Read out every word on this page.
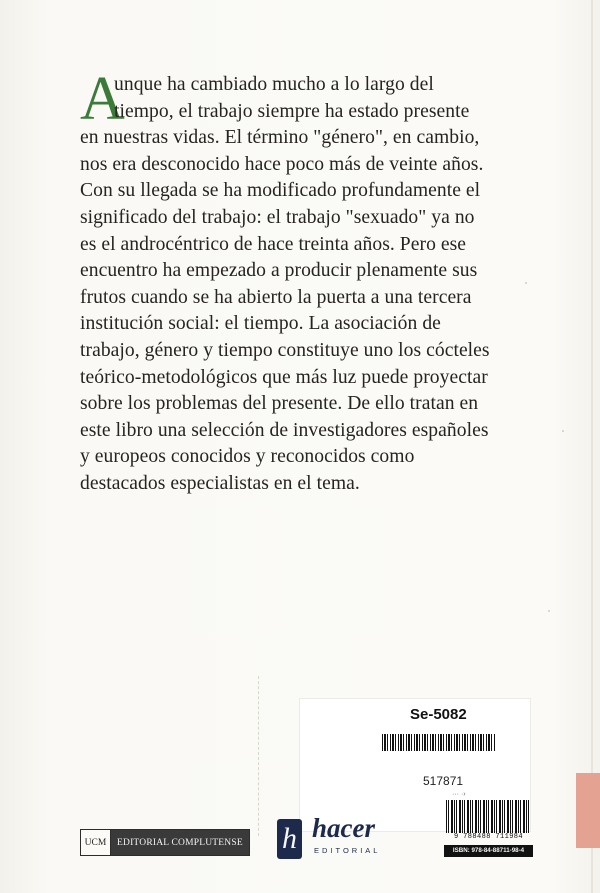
A
unque ha cambiado mucho a lo largo del
tiempo, el trabajo siempre ha estado presente
en nuestras vidas. El término "género", en cambio,
nos era desconocido hace poco más de veinte años.
Con su llegada se ha modificado profundamente el
significado del trabajo: el trabajo "sexuado" ya no
es el androcéntrico de hace treinta años. Pero ese
encuentro ha empezado a producir plenamente sus
frutos cuando se ha abierto la puerta a una tercera
institución social: el tiempo. La asociación de
trabajo, género y tiempo constituye uno los cócteles
teórico-metodológicos que más luz puede proyectar
sobre los problemas del presente. De ello tratan en
este libro una selección de investigadores españoles
y europeos conocidos y reconocidos como
destacados especialistas en el tema.
Se-5082
517871
··· ·›
UCM	EDITORIAL COMPLUTENSE h hacer
EDITORIAL
9 788488 711984
ISBN: 978-84-88711-98-4
